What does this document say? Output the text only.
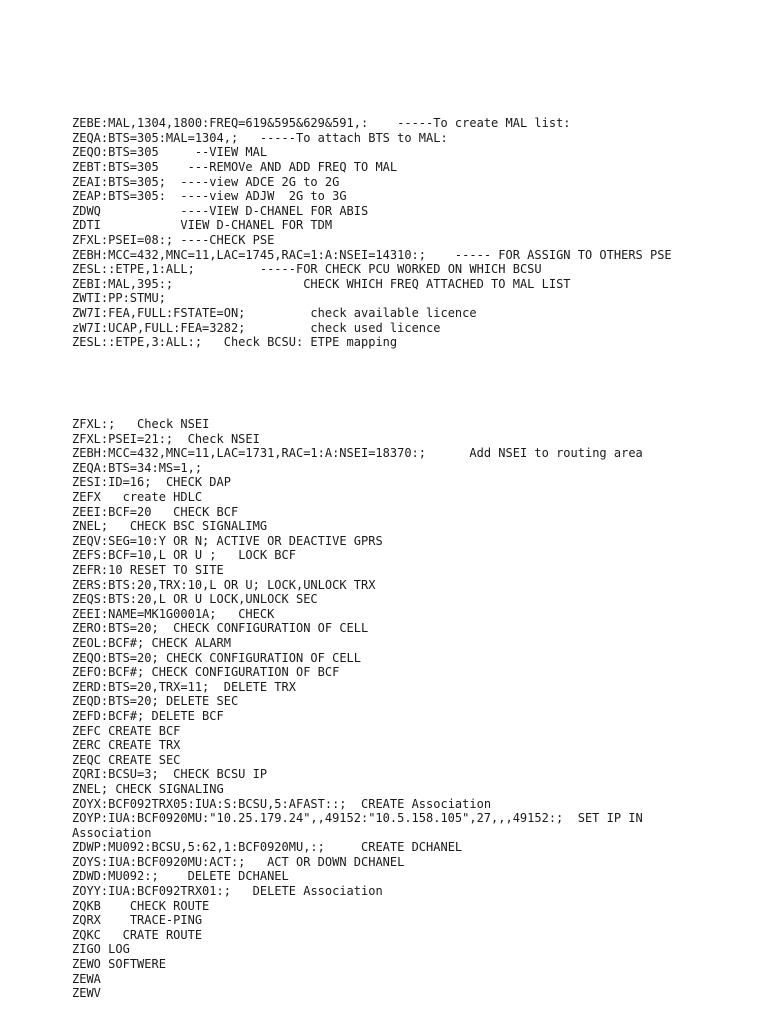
ZEBE:MAL,1304,1800:FREQ=619&595&629&591,: -----To create MAL list:
ZEQA:BTS=305:MAL=1304,; -----To attach BTS to MAL:
ZEQO:BTS=305	--VIEW MAL
ZEBT:BTS=305 ---REMOVe AND ADD FREQ TO MAL
ZEAI:BTS=305; ----view ADCE 2G to 2G
ZEAP:BTS=305: ----view ADJW  2G to 3G
ZDWQ	----VIEW D-CHANEL FOR ABIS
ZDTI	VIEW D-CHANEL FOR TDM
ZFXL:PSEI=08:; ----CHECK PSE
ZEBH:MCC=432,MNC=11,LAC=1745,RAC=1:A:NSEI=14310:; ----- FOR ASSIGN TO OTHERS PSE
ZESL::ETPE,1:ALL;	-----FOR CHECK PCU WORKED ON WHICH BCSU
ZEBI:MAL,395:;	CHECK WHICH FREQ ATTACHED TO MAL LIST
ZWTI:PP:STMU;
ZW7I:FEA,FULL:FSTATE=ON;	check available licence
zW7I:UCAP,FULL:FEA=3282;	check used licence
ZESL::ETPE,3:ALL:; Check BCSU: ETPE mapping

ZFXL:; Check NSEI
ZFXL:PSEI=21:; Check NSEI
ZEBH:MCC=432,MNC=11,LAC=1731,RAC=1:A:NSEI=18370:;	Add NSEI to routing area
ZEQA:BTS=34:MS=1,;
ZESI:ID=16; CHECK DAP
ZEFX create HDLC
ZEEI:BCF=20 CHECK BCF
ZNEL; CHECK BSC SIGNALIMG
ZEQV:SEG=10:Y OR N; ACTIVE OR DEACTIVE GPRS
ZEFS:BCF=10,L OR U ; LOCK BCF
ZEFR:10 RESET TO SITE
ZERS:BTS:20,TRX:10,L OR U; LOCK,UNLOCK TRX
ZEQS:BTS:20,L OR U LOCK,UNLOCK SEC
ZEEI:NAME=MK1G0001A; CHECK
ZERO:BTS=20; CHECK CONFIGURATION OF CELL
ZEOL:BCF#; CHECK ALARM
ZEQO:BTS=20; CHECK CONFIGURATION OF CELL
ZEFO:BCF#; CHECK CONFIGURATION OF BCF
ZERD:BTS=20,TRX=11; DELETE TRX
ZEQD:BTS=20; DELETE SEC
ZEFD:BCF#; DELETE BCF
ZEFC CREATE BCF
ZERC CREATE TRX
ZEQC CREATE SEC
ZQRI:BCSU=3; CHECK BCSU IP
ZNEL; CHECK SIGNALING
ZOYX:BCF092TRX05:IUA:S:BCSU,5:AFAST::; CREATE Association
ZOYP:IUA:BCF0920MU:"10.25.179.24",,49152:"10.5.158.105",27,,,49152:; SET IP IN Association
ZDWP:MU092:BCSU,5:62,1:BCF0920MU,:;	CREATE DCHANEL
ZOYS:IUA:BCF0920MU:ACT:; ACT OR DOWN DCHANEL
ZDWD:MU092:; DELETE DCHANEL
ZOYY:IUA:BCF092TRX01:; DELETE Association
ZQKB CHECK ROUTE
ZQRX TRACE-PING
ZQKC CRATE ROUTE
ZIGO LOG
ZEWO SOFTWERE
ZEWA
ZEWV
